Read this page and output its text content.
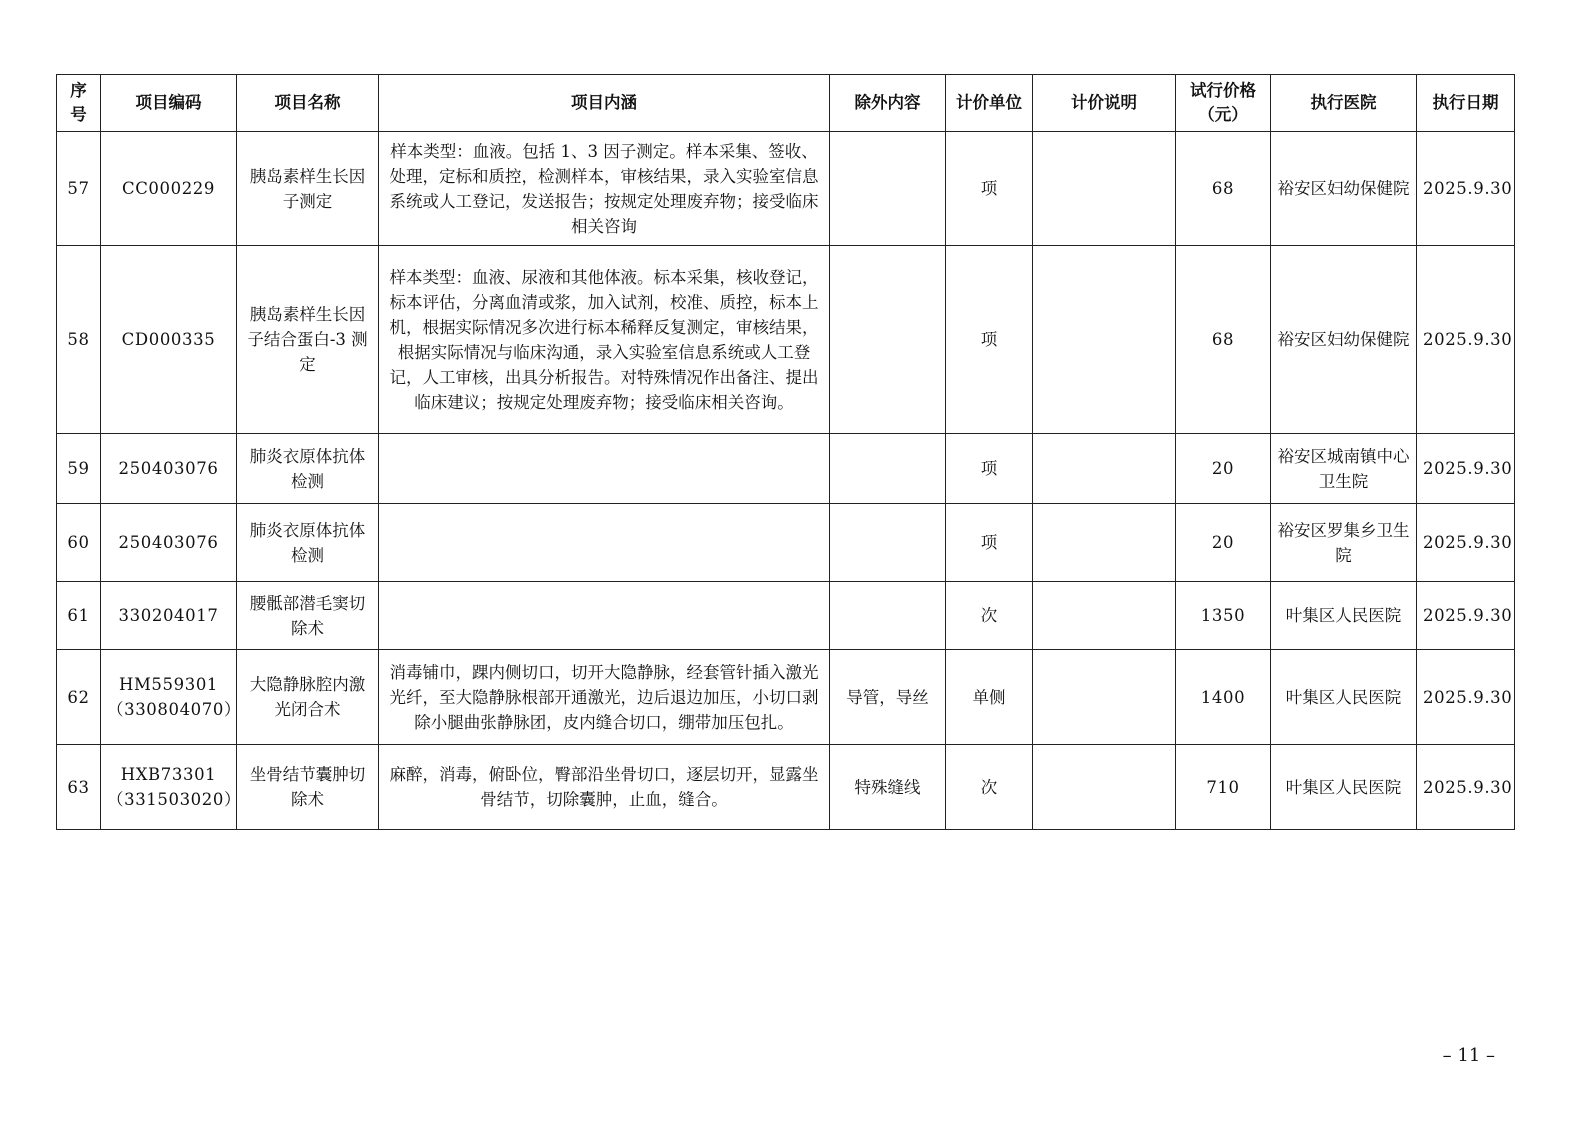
序号	项目编码	项目名称	项目内涵	除外内容	计价单位	计价说明	试行价格（元）	执行医院	执行日期
57	CC000229	胰岛素样生长因子测定	样本类型：血液。包括 1、3 因子测定。样本采集、签收、处理，定标和质控，检测样本，审核结果，录入实验室信息系统或人工登记，发送报告；按规定处理废弃物；接受临床相关咨询		项		68	裕安区妇幼保健院	2025.9.30
58	CD000335	胰岛素样生长因子结合蛋白-3 测定	样本类型：血液、尿液和其他体液。标本采集，核收登记，标本评估，分离血清或浆，加入试剂，校准、质控，标本上机，根据实际情况多次进行标本稀释反复测定，审核结果，根据实际情况与临床沟通，录入实验室信息系统或人工登记，人工审核，出具分析报告。对特殊情况作出备注、提出临床建议；按规定处理废弃物；接受临床相关咨询。		项		68	裕安区妇幼保健院	2025.9.30
59	250403076	肺炎衣原体抗体检测			项		20	裕安区城南镇中心卫生院	2025.9.30
60	250403076	肺炎衣原体抗体检测			项		20	裕安区罗集乡卫生院	2025.9.30
61	330204017	腰骶部潜毛窦切除术			次		1350	叶集区人民医院	2025.9.30
62	HM559301（330804070）	大隐静脉腔内激光闭合术	消毒铺巾，踝内侧切口，切开大隐静脉，经套管针插入激光光纤，至大隐静脉根部开通激光，边后退边加压，小切口剥除小腿曲张静脉团，皮内缝合切口，绷带加压包扎。	导管，导丝	单侧		1400	叶集区人民医院	2025.9.30
63	HXB73301（331503020）	坐骨结节囊肿切除术	麻醉，消毒，俯卧位，臀部沿坐骨切口，逐层切开，显露坐骨结节，切除囊肿，止血，缝合。	特殊缝线	次		710	叶集区人民医院	2025.9.30
– 11 –
